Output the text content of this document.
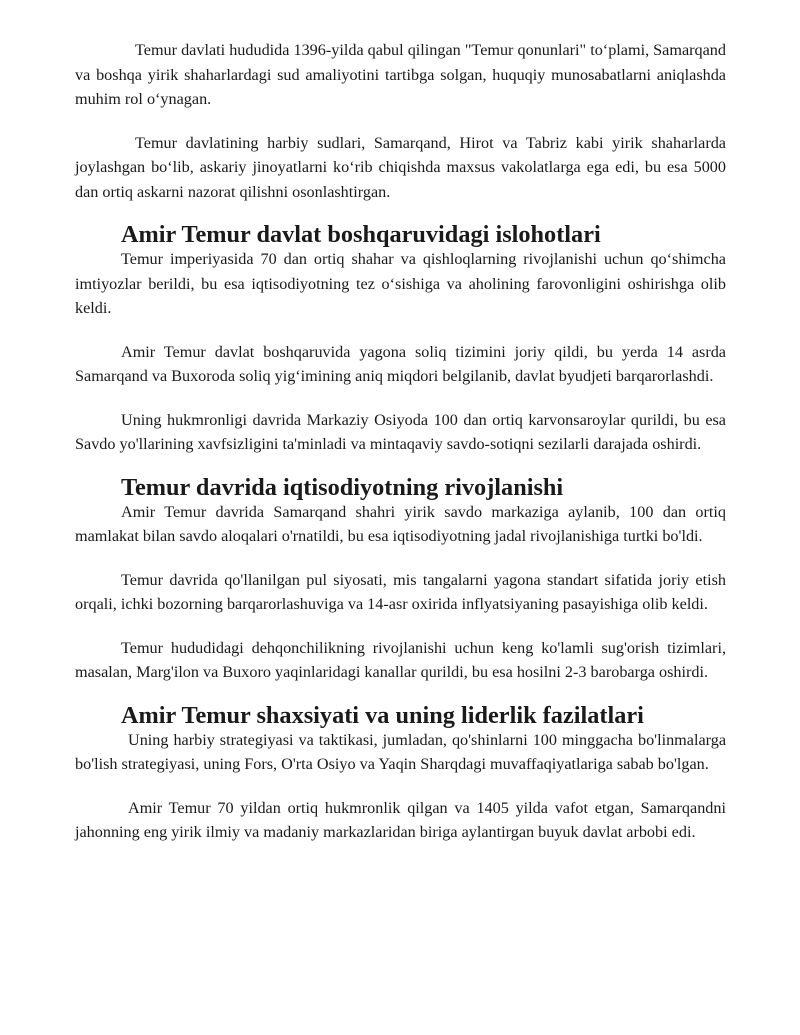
Temur davlati hududida 1396-yilda qabul qilingan "Temur qonunlari" to‘plami, Samarqand va boshqa yirik shaharlardagi sud amaliyotini tartibga solgan, huquqiy munosabatlarni aniqlashda muhim rol o‘ynagan.

Temur davlatining harbiy sudlari, Samarqand, Hirot va Tabriz kabi yirik shaharlarda joylashgan bo‘lib, askariy jinoyatlarni ko‘rib chiqishda maxsus vakolatlarga ega edi, bu esa 5000 dan ortiq askarni nazorat qilishni osonlashtirgan.

Amir Temur davlat boshqaruvidagi islohotlari

Temur imperiyasida 70 dan ortiq shahar va qishloqlarning rivojlanishi uchun qo‘shimcha imtiyozlar berildi, bu esa iqtisodiyotning tez o‘sishiga va aholining farovonligini oshirishga olib keldi.

Amir Temur davlat boshqaruvida yagona soliq tizimini joriy qildi, bu yerda 14 asrda Samarqand va Buxoroda soliq yig‘imining aniq miqdori belgilanib, davlat byudjeti barqarorlashdi.

Uning hukmronligi davrida Markaziy Osiyoda 100 dan ortiq karvonsaroylar qurildi, bu esa Savdo yo'llarining xavfsizligini ta'minladi va mintaqaviy savdo-sotiqni sezilarli darajada oshirdi.

Temur davrida iqtisodiyotning rivojlanishi

Amir Temur davrida Samarqand shahri yirik savdo markaziga aylanib, 100 dan ortiq mamlakat bilan savdo aloqalari o'rnatildi, bu esa iqtisodiyotning jadal rivojlanishiga turtki bo'ldi.

Temur davrida qo'llanilgan pul siyosati, mis tangalarni yagona standart sifatida joriy etish orqali, ichki bozorning barqarorlashuviga va 14-asr oxirida inflyatsiyaning pasayishiga olib keldi.

Temur hududidagi dehqonchilikning rivojlanishi uchun keng ko'lamli sug'orish tizimlari, masalan, Marg'ilon va Buxoro yaqinlaridagi kanallar qurildi, bu esa hosilni 2-3 barobarga oshirdi.

Amir Temur shaxsiyati va uning liderlik fazilatlari

Uning harbiy strategiyasi va taktikasi, jumladan, qo'shinlarni 100 minggacha bo'linmalarga bo'lish strategiyasi, uning Fors, O'rta Osiyo va Yaqin Sharqdagi muvaffaqiyatlariga sabab bo'lgan.

Amir Temur 70 yildan ortiq hukmronlik qilgan va 1405 yilda vafot etgan, Samarqandni jahonning eng yirik ilmiy va madaniy markazlaridan biriga aylantirgan buyuk davlat arbobi edi.
